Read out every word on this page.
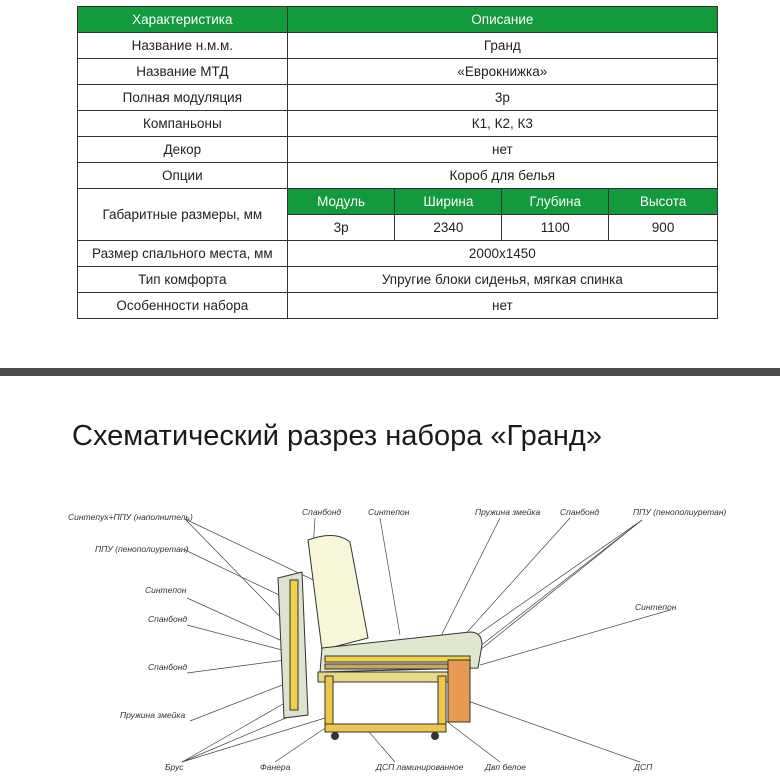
Характеристика	Описание			
Название н.м.м.	Гранд			
Название МТД	«Еврокнижка»			
Полная модуляция	3р			
Компаньоны	К1, К2, К3			
Декор	нет			
Опции	Короб для белья			
Габаритные размеры, мм	Модуль	Ширина	Глубина	Высота
	3р	2340	1100	900
Размер спального места, мм	2000х1450			
Тип комфорта	Упругие блоки сиденья, мягкая спинка			
Особенности набора	нет			
Схематический разрез набора «Гранд»
Синтепух+ППУ (наполнитель)
ППУ (пенополиуретан)
Синтепон
Спанбонд
Спанбонд
Пружина змейка
Брус	Фанера	ДСП ламинированное	Двп белое	ДСП
Спанбонд	Синтепон	Пружина змейка Спанбонд	ППУ (пенополиуретан)
Синтепон
